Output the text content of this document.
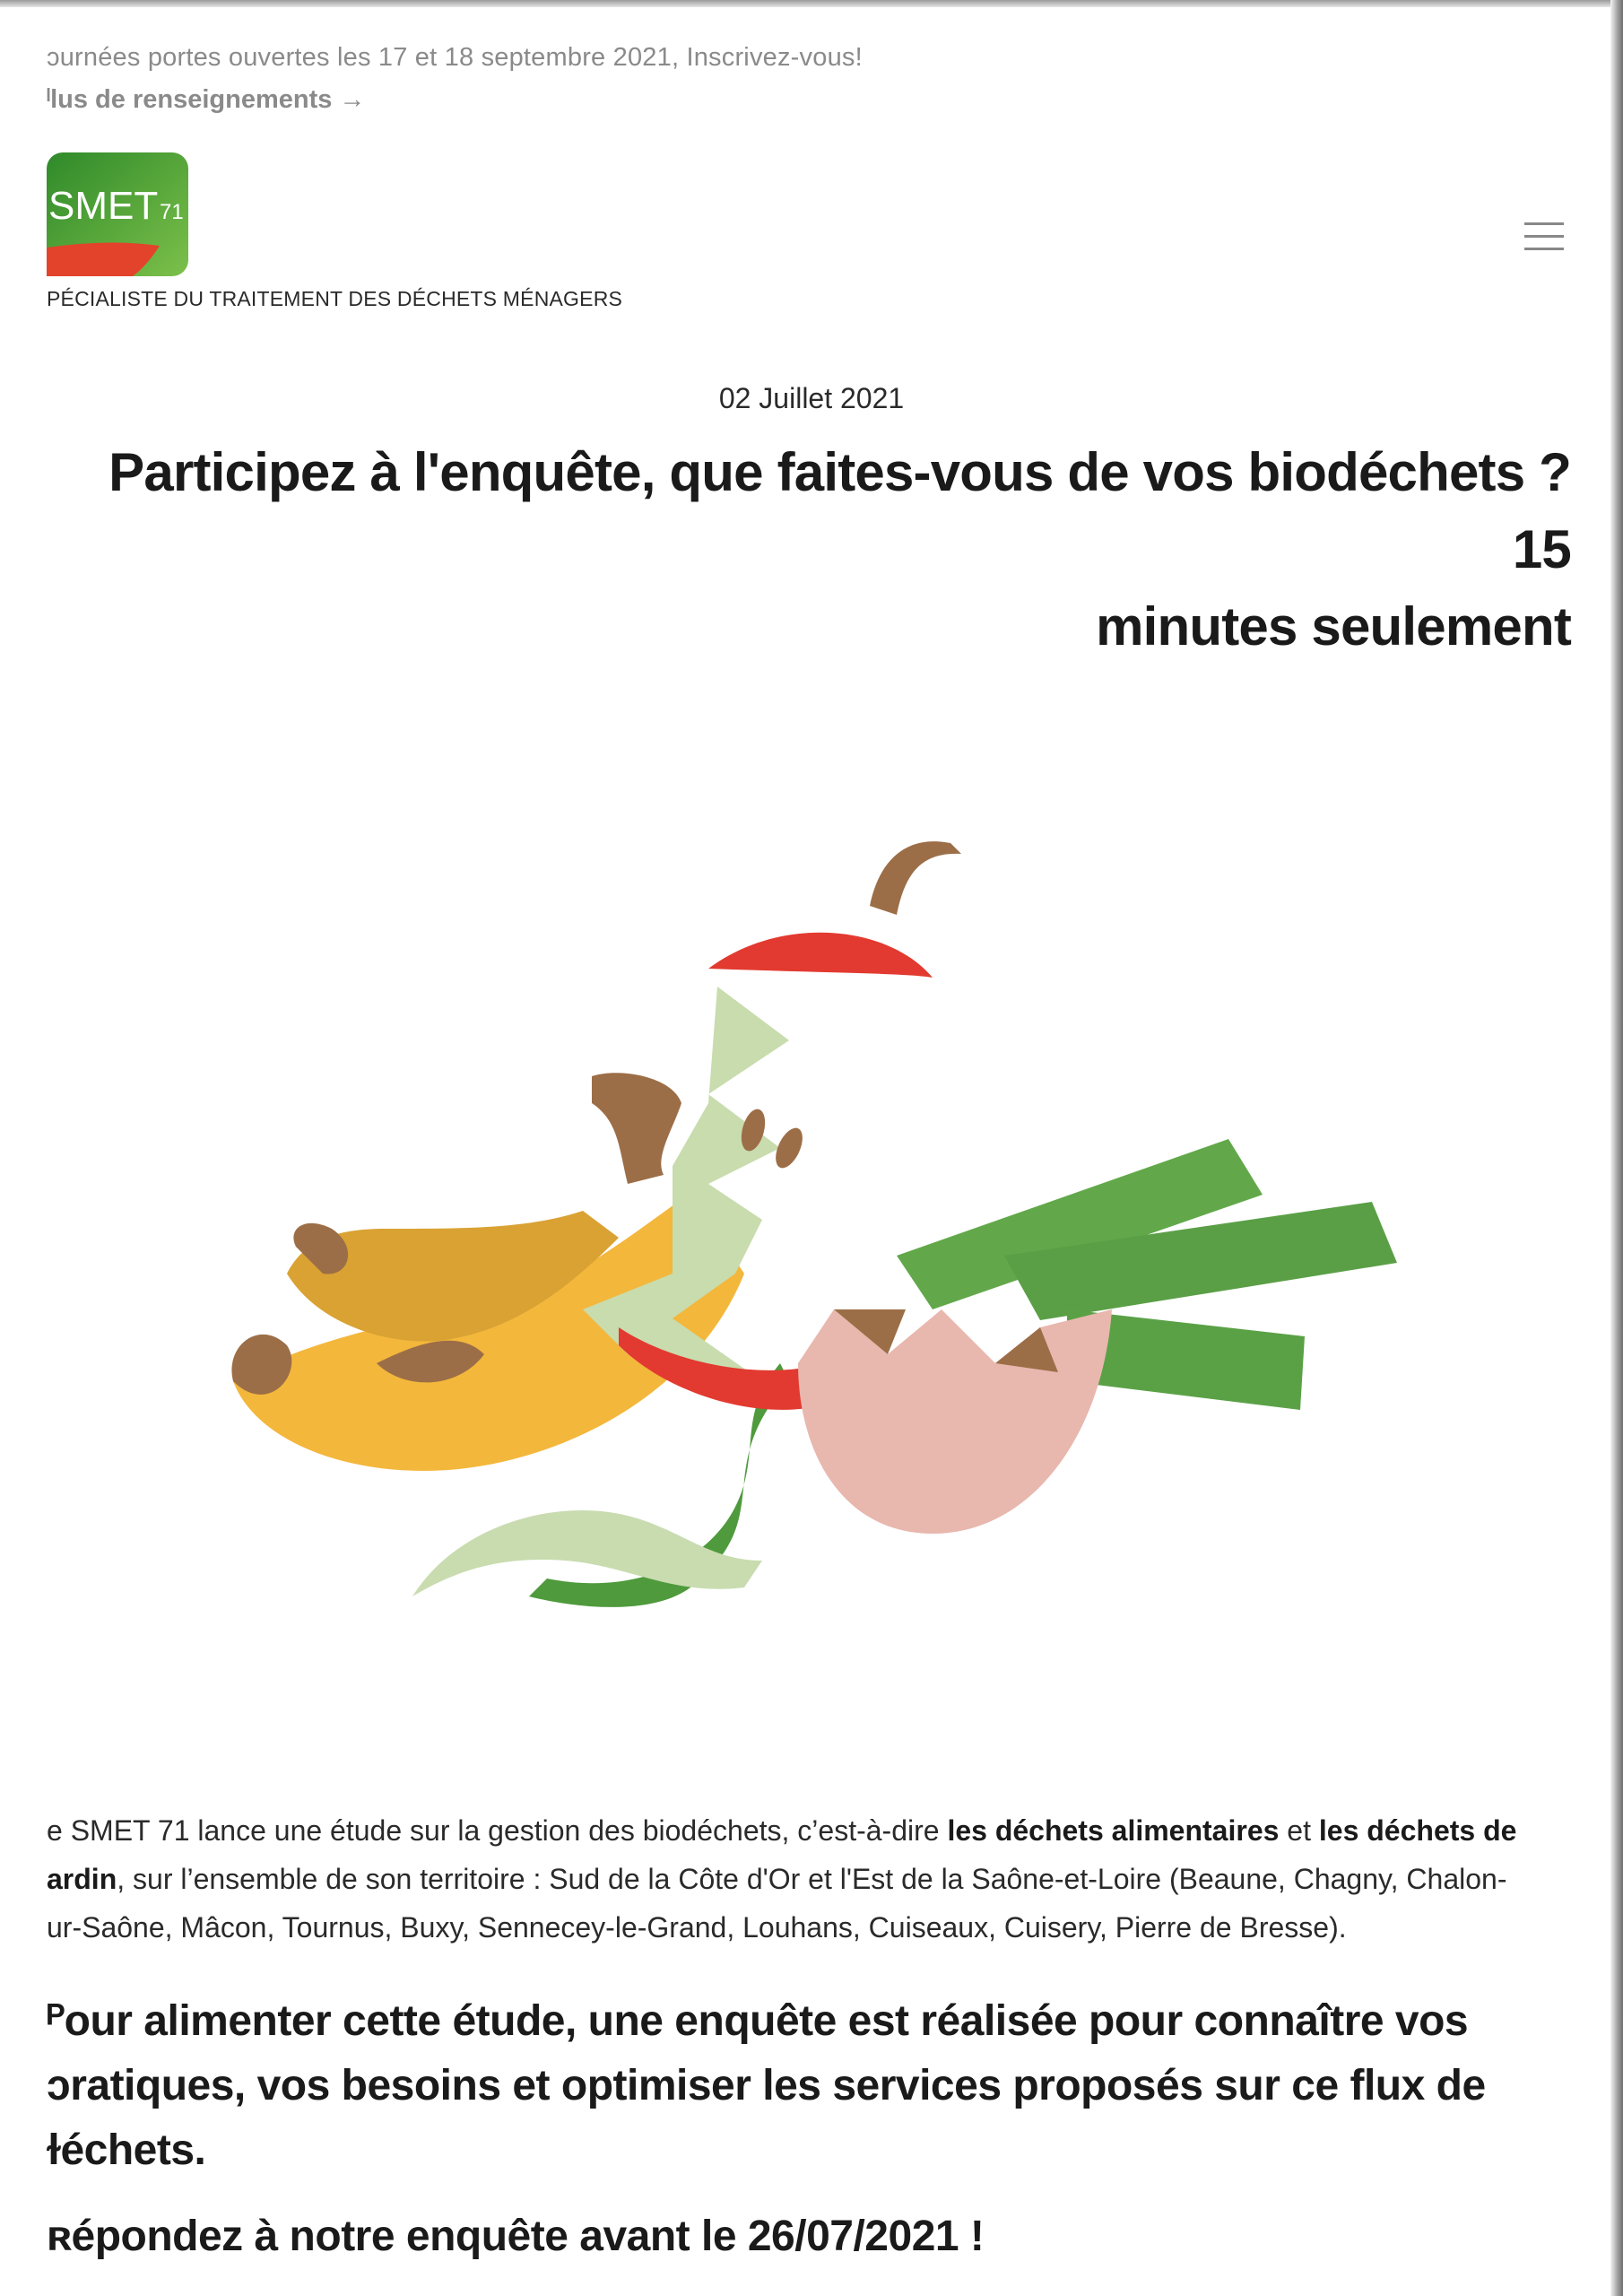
ɔurnées portes ouvertes les 17 et 18 septembre 2021, Inscrivez-vous!
ˡlus de renseignements →
SMET 71
PÉCIALISTE DU TRAITEMENT DES DÉCHETS MÉNAGERS
02 Juillet 2021
Participez à l'enquête, que faites-vous de vos biodéchets ? 15
minutes seulement

e SMET 71 lance une étude sur la gestion des biodéchets, c’est-à-dire les déchets alimentaires et les déchets de
ardin, sur l’ensemble de son territoire : Sud de la Côte d'Or et l'Est de la Saône-et-Loire (Beaune, Chagny, Chalon-
ur-Saône, Mâcon, Tournus, Buxy, Sennecey-le-Grand, Louhans, Cuiseaux, Cuisery, Pierre de Bresse).

ᴾour alimenter cette étude, une enquête est réalisée pour connaître vos ɔratiques, vos besoins et optimiser les services proposés sur ce flux de ɫéchets.

ʀépondez à notre enquête avant le 26/07/2021 !
